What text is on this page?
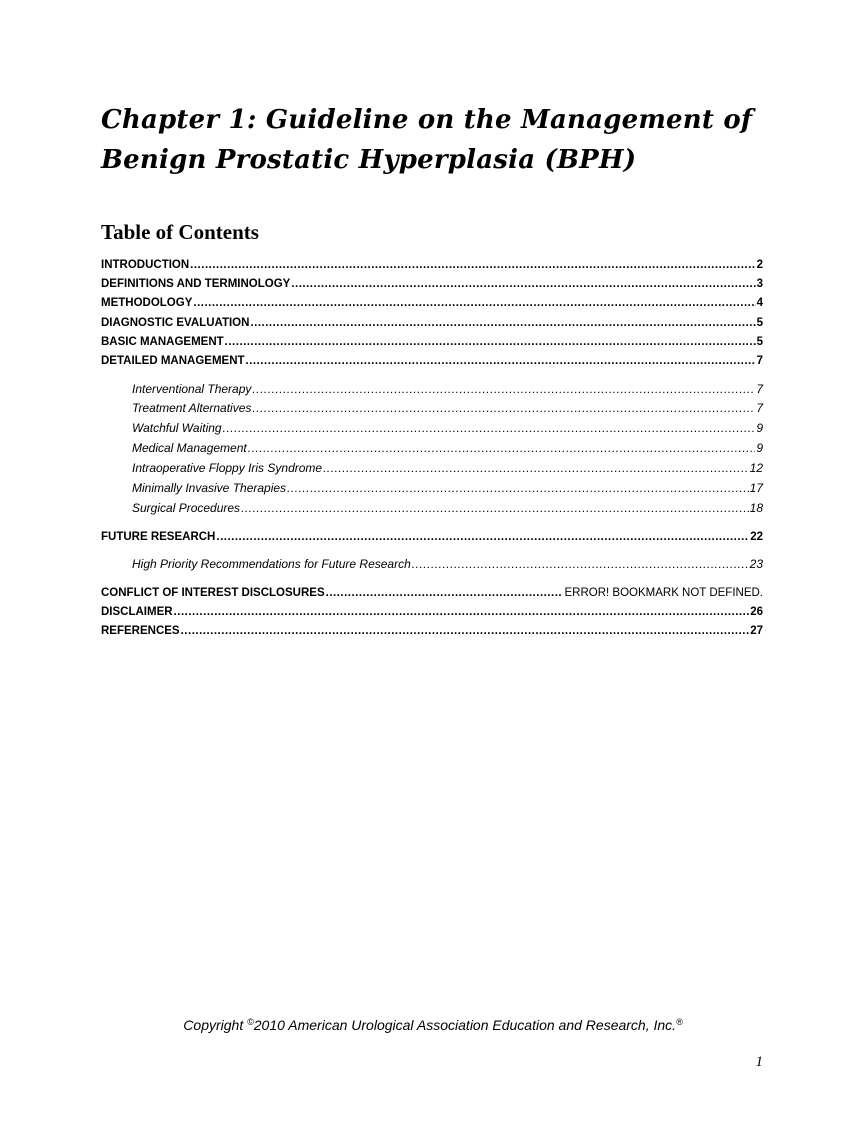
Chapter 1: Guideline on the Management of
Benign Prostatic Hyperplasia (BPH)
Table of Contents
INTRODUCTION .....	2
DEFINITIONS AND TERMINOLOGY .....	3
METHODOLOGY .....	4
DIAGNOSTIC EVALUATION .....	5
BASIC MANAGEMENT .....	5
DETAILED MANAGEMENT .....	7
Interventional Therapy .....	7
Treatment Alternatives .....	7
Watchful Waiting .....	9
Medical Management .....	9
Intraoperative Floppy Iris Syndrome .....	12
Minimally Invasive Therapies .....	17
Surgical Procedures .....	18
FUTURE RESEARCH .....	22
High Priority Recommendations for Future Research .....	23
CONFLICT OF INTEREST DISCLOSURES .....	ERROR! BOOKMARK NOT DEFINED.
DISCLAIMER .....	26
REFERENCES .....	27
Copyright ©2010 American Urological Association Education and Research, Inc.®
1
